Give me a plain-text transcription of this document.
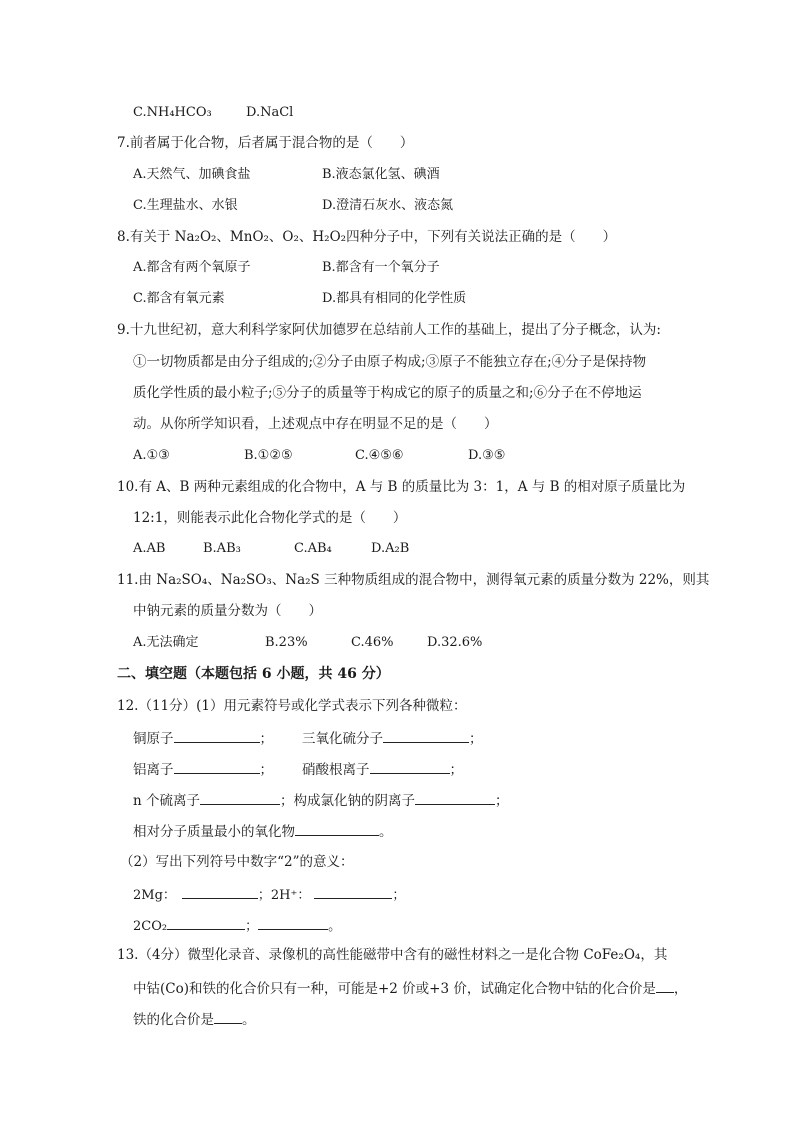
C.NH₄HCO₃	D.NaCl
7.前者属于化合物，后者属于混合物的是（　　）
A.天然气、加碘食盐	B.液态氯化氢、碘酒
C.生理盐水、水银	D.澄清石灰水、液态氮
8.有关于 Na₂O₂、MnO₂、O₂、H₂O₂四种分子中，下列有关说法正确的是（　　）
A.都含有两个氧原子	B.都含有一个氧分子
C.都含有氧元素	D.都具有相同的化学性质
9.十九世纪初，意大利科学家阿伏加德罗在总结前人工作的基础上，提出了分子概念，认为:
①一切物质都是由分子组成的;②分子由原子构成;③原子不能独立存在;④分子是保持物
质化学性质的最小粒子;⑤分子的质量等于构成它的原子的质量之和;⑥分子在不停地运
动。从你所学知识看，上述观点中存在明显不足的是（　　）
A.①③	B.①②⑤	C.④⑤⑥	D.③⑤
10.有 A、B 两种元素组成的化合物中，A 与 B 的质量比为 3：1，A 与 B 的相对原子质量比为
12:1，则能表示此化合物化学式的是（　　）
A.AB	B.AB₃	C.AB₄	D.A₂B
11.由 Na₂SO₄、Na₂SO₃、Na₂S 三种物质组成的混合物中，测得氧元素的质量分数为 22%，则其
中钠元素的质量分数为（　　）
A.无法确定	B.23%	C.46%	D.32.6%
二、填空题（本题包括 6 小题，共 46 分）
12.（11分）(1）用元素符号或化学式表示下列各种微粒：
铜原子	； 三氧化硫分子	；
铝离子	； 硝酸根离子	；
n 个硫离子	；构成氯化钠的阴离子	；
相对分子质量最小的氧化物	。
（2）写出下列符号中数字“2”的意义：
2Mg：	；2H⁺：	；
2CO₂	；	。
13.（4分）微型化录音、录像机的高性能磁带中含有的磁性材料之一是化合物 CoFe₂O₄，其
中钴(Co)和铁的化合价只有一种，可能是+2 价或+3 价，试确定化合物中钴的化合价是 ，
铁的化合价是 。
